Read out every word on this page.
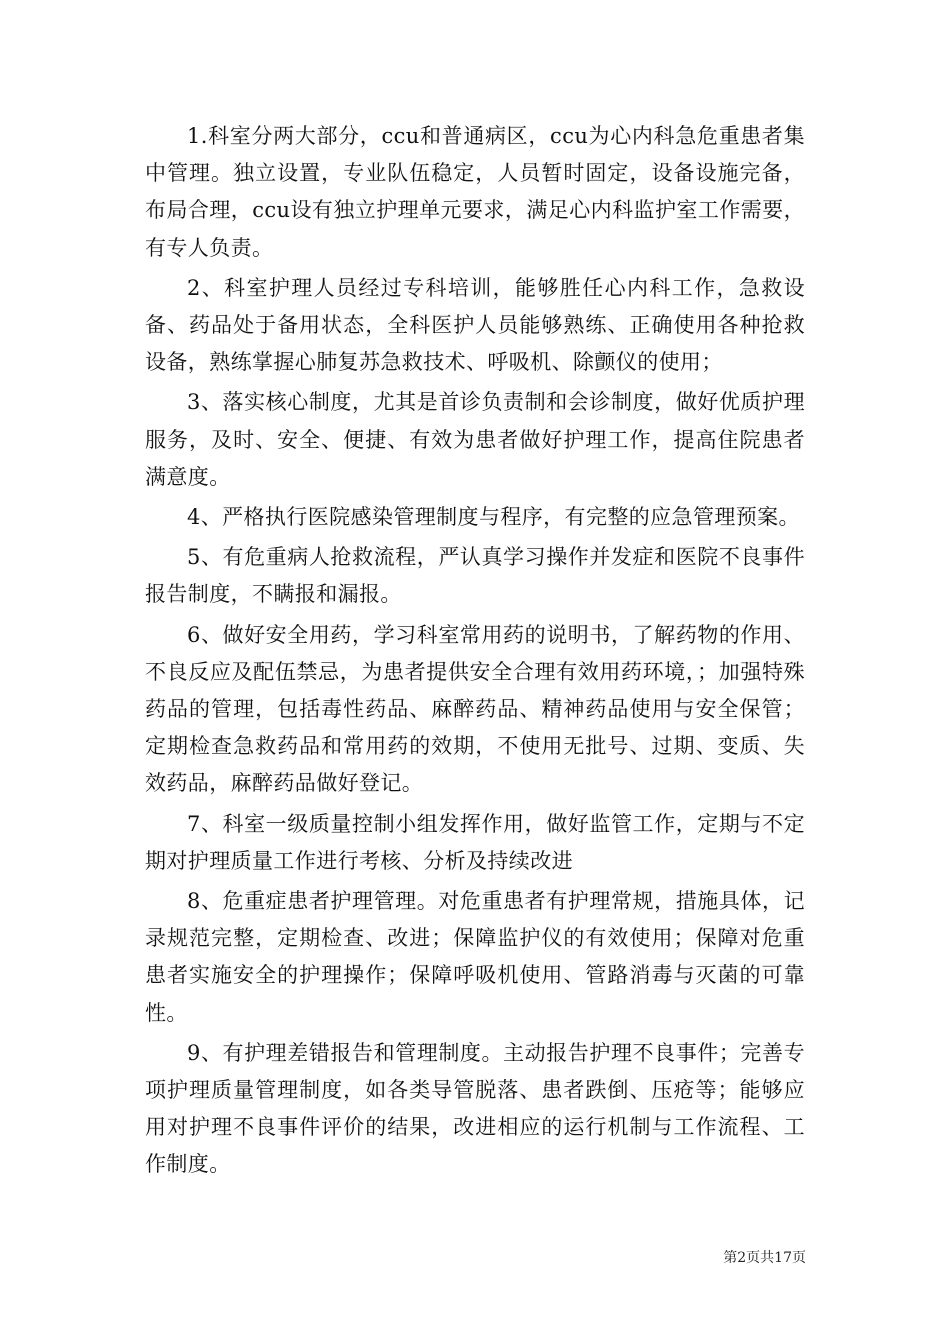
1.科室分两大部分，ccu和普通病区，ccu为心内科急危重患者集中管理。独立设置，专业队伍稳定，人员暂时固定，设备设施完备，布局合理，ccu设有独立护理单元要求，满足心内科监护室工作需要，有专人负责。

2、科室护理人员经过专科培训，能够胜任心内科工作，急救设备、药品处于备用状态，全科医护人员能够熟练、正确使用各种抢救设备，熟练掌握心肺复苏急救技术、呼吸机、除颤仪的使用；

3、落实核心制度，尤其是首诊负责制和会诊制度，做好优质护理服务，及时、安全、便捷、有效为患者做好护理工作，提高住院患者满意度。

4、严格执行医院感染管理制度与程序，有完整的应急管理预案。

5、有危重病人抢救流程，严认真学习操作并发症和医院不良事件报告制度，不瞒报和漏报。

6、做好安全用药，学习科室常用药的说明书，了解药物的作用、不良反应及配伍禁忌，为患者提供安全合理有效用药环境，；加强特殊药品的管理，包括毒性药品、麻醉药品、精神药品使用与安全保管；定期检查急救药品和常用药的效期，不使用无批号、过期、变质、失效药品，麻醉药品做好登记。

7、科室一级质量控制小组发挥作用，做好监管工作，定期与不定期对护理质量工作进行考核、分析及持续改进

8、危重症患者护理管理。对危重患者有护理常规，措施具体，记录规范完整，定期检查、改进；保障监护仪的有效使用；保障对危重患者实施安全的护理操作；保障呼吸机使用、管路消毒与灭菌的可靠性。

9、有护理差错报告和管理制度。主动报告护理不良事件；完善专项护理质量管理制度，如各类导管脱落、患者跌倒、压疮等；能够应用对护理不良事件评价的结果，改进相应的运行机制与工作流程、工作制度。

第2页共17页
